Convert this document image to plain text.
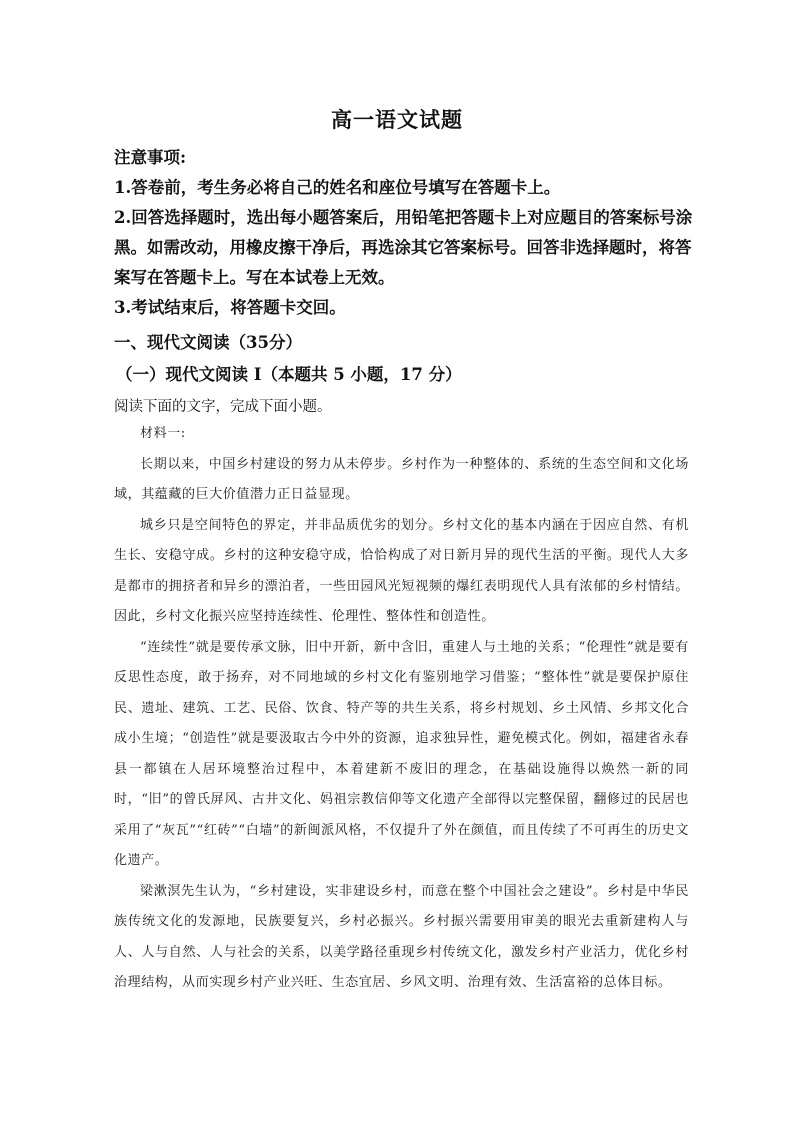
高一语文试题
注意事项:
1.答卷前，考生务必将自己的姓名和座位号填写在答题卡上。
2.回答选择题时，选出每小题答案后，用铅笔把答题卡上对应题目的答案标号涂黑。如需改动，用橡皮擦干净后，再选涂其它答案标号。回答非选择题时，将答案写在答题卡上。写在本试卷上无效。
3.考试结束后，将答题卡交回。
一、现代文阅读（35分）
（一）现代文阅读 I（本题共 5 小题，17 分）
阅读下面的文字，完成下面小题。

材料一:

长期以来，中国乡村建设的努力从未停步。乡村作为一种整体的、系统的生态空间和文化场域，其蕴藏的巨大价值潜力正日益显现。

城乡只是空间特色的界定，并非品质优劣的划分。乡村文化的基本内涵在于因应自然、有机生长、安稳守成。乡村的这种安稳守成，恰恰构成了对日新月异的现代生活的平衡。现代人大多是都市的拥挤者和异乡的漂泊者，一些田园风光短视频的爆红表明现代人具有浓郁的乡村情结。因此，乡村文化振兴应坚持连续性、伦理性、整体性和创造性。

“连续性”就是要传承文脉，旧中开新，新中含旧，重建人与土地的关系；“伦理性”就是要有反思性态度，敢于扬弃，对不同地域的乡村文化有鉴别地学习借鉴；“整体性”就是要保护原住民、遗址、建筑、工艺、民俗、饮食、特产等的共生关系，将乡村规划、乡土风情、乡邦文化合成小生境；“创造性”就是要汲取古今中外的资源，追求独异性，避免模式化。例如，福建省永春县一都镇在人居环境整治过程中，本着建新不废旧的理念，在基础设施得以焕然一新的同时，“旧”的曾氏屏风、古井文化、妈祖宗教信仰等文化遗产全部得以完整保留，翻修过的民居也采用了“灰瓦”“红砖”“白墙”的新闽派风格，不仅提升了外在颜值，而且传续了不可再生的历史文化遗产。

梁漱溟先生认为，“乡村建设，实非建设乡村，而意在整个中国社会之建设”。乡村是中华民族传统文化的发源地，民族要复兴，乡村必振兴。乡村振兴需要用审美的眼光去重新建构人与人、人与自然、人与社会的关系，以美学路径重现乡村传统文化，激发乡村产业活力，优化乡村治理结构，从而实现乡村产业兴旺、生态宜居、乡风文明、治理有效、生活富裕的总体目标。
